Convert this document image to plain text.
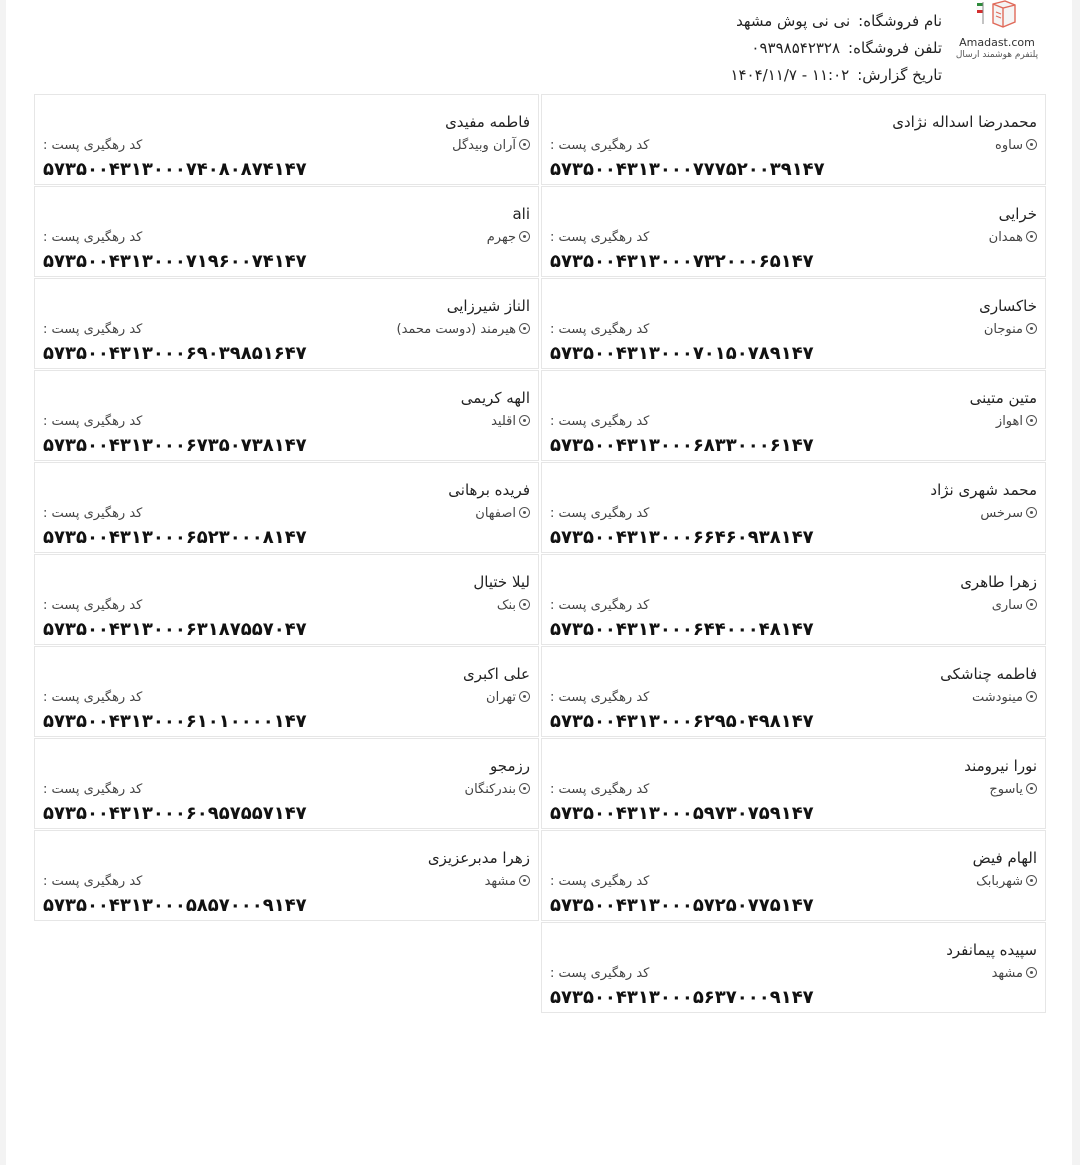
Amadast.com
پلتفرم هوشمند ارسال
نام فروشگاه:نی نی پوش مشهد
تلفن فروشگاه:۰۹۳۹۸۵۴۲۳۲۸
تاریخ گزارش:۱۱:۰۲ - ۱۴۰۴/۱۱/۷
محمدرضا اسداله نژادی
ساوه
کد رهگیری پست :
۵۷۳۵۰۰۴۳۱۳۰۰۰۷۷۷۵۲۰۰۳۹۱۴۷
فاطمه مفیدی
آران وبیدگل
کد رهگیری پست :
۵۷۳۵۰۰۴۳۱۳۰۰۰۷۴۰۸۰۸۷۴۱۴۷
خرایی
همدان
کد رهگیری پست :
۵۷۳۵۰۰۴۳۱۳۰۰۰۷۳۲۰۰۰۶۵۱۴۷
ali
جهرم
کد رهگیری پست :
۵۷۳۵۰۰۴۳۱۳۰۰۰۷۱۹۶۰۰۷۴۱۴۷
خاکساری
منوجان
کد رهگیری پست :
۵۷۳۵۰۰۴۳۱۳۰۰۰۷۰۱۵۰۷۸۹۱۴۷
الناز شیرزایی
هیرمند (دوست محمد)
کد رهگیری پست :
۵۷۳۵۰۰۴۳۱۳۰۰۰۶۹۰۳۹۸۵۱۶۴۷
متین متینی
اهواز
کد رهگیری پست :
۵۷۳۵۰۰۴۳۱۳۰۰۰۶۸۳۳۰۰۰۶۱۴۷
الهه کریمی
اقلید
کد رهگیری پست :
۵۷۳۵۰۰۴۳۱۳۰۰۰۶۷۳۵۰۷۳۸۱۴۷
محمد شهری نژاد
سرخس
کد رهگیری پست :
۵۷۳۵۰۰۴۳۱۳۰۰۰۶۶۴۶۰۹۳۸۱۴۷
فریده برهانی
اصفهان
کد رهگیری پست :
۵۷۳۵۰۰۴۳۱۳۰۰۰۶۵۲۳۰۰۰۸۱۴۷
زهرا طاهری
ساری
کد رهگیری پست :
۵۷۳۵۰۰۴۳۱۳۰۰۰۶۴۴۰۰۰۴۸۱۴۷
لیلا ختیال
بنک
کد رهگیری پست :
۵۷۳۵۰۰۴۳۱۳۰۰۰۶۳۱۸۷۵۵۷۰۴۷
فاطمه چناشکی
مینودشت
کد رهگیری پست :
۵۷۳۵۰۰۴۳۱۳۰۰۰۶۲۹۵۰۴۹۸۱۴۷
علی اکبری
تهران
کد رهگیری پست :
۵۷۳۵۰۰۴۳۱۳۰۰۰۶۱۰۱۰۰۰۰۱۴۷
نورا نیرومند
یاسوج
کد رهگیری پست :
۵۷۳۵۰۰۴۳۱۳۰۰۰۵۹۷۳۰۷۵۹۱۴۷
رزمجو
بندرکنگان
کد رهگیری پست :
۵۷۳۵۰۰۴۳۱۳۰۰۰۶۰۹۵۷۵۵۷۱۴۷
الهام فیض
شهربابک
کد رهگیری پست :
۵۷۳۵۰۰۴۳۱۳۰۰۰۵۷۲۵۰۷۷۵۱۴۷
زهرا مدبرعزیزی
مشهد
کد رهگیری پست :
۵۷۳۵۰۰۴۳۱۳۰۰۰۵۸۵۷۰۰۰۹۱۴۷
سپیده پیمانفرد
مشهد
کد رهگیری پست :
۵۷۳۵۰۰۴۳۱۳۰۰۰۵۶۳۷۰۰۰۹۱۴۷
